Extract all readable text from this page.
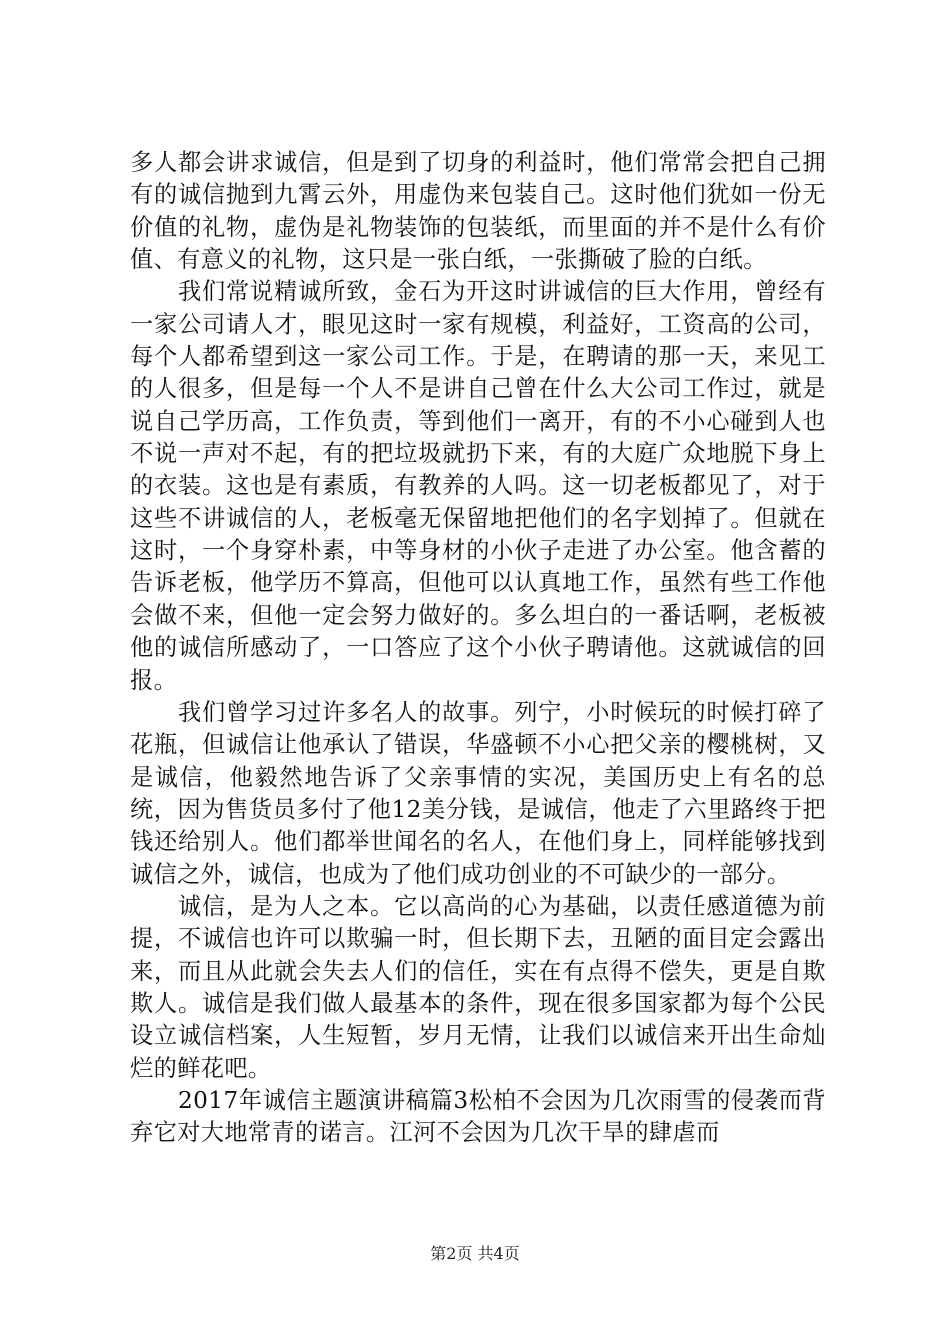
多人都会讲求诚信，但是到了切身的利益时，他们常常会把自己拥有的诚信抛到九霄云外，用虚伪来包装自己。这时他们犹如一份无价值的礼物，虚伪是礼物装饰的包装纸，而里面的并不是什么有价值、有意义的礼物，这只是一张白纸，一张撕破了脸的白纸。

我们常说精诚所致，金石为开这时讲诚信的巨大作用，曾经有一家公司请人才，眼见这时一家有规模，利益好，工资高的公司，每个人都希望到这一家公司工作。于是，在聘请的那一天，来见工的人很多，但是每一个人不是讲自己曾在什么大公司工作过，就是说自己学历高，工作负责，等到他们一离开，有的不小心碰到人也不说一声对不起，有的把垃圾就扔下来，有的大庭广众地脱下身上的衣装。这也是有素质，有教养的人吗。这一切老板都见了，对于这些不讲诚信的人，老板毫无保留地把他们的名字划掉了。但就在这时，一个身穿朴素，中等身材的小伙子走进了办公室。他含蓄的告诉老板，他学历不算高，但他可以认真地工作，虽然有些工作他会做不来，但他一定会努力做好的。多么坦白的一番话啊，老板被他的诚信所感动了，一口答应了这个小伙子聘请他。这就诚信的回报。

我们曾学习过许多名人的故事。列宁，小时候玩的时候打碎了花瓶，但诚信让他承认了错误，华盛顿不小心把父亲的樱桃树，又是诚信，他毅然地告诉了父亲事情的实况，美国历史上有名的总统，因为售货员多付了他12美分钱，是诚信，他走了六里路终于把钱还给别人。他们都举世闻名的名人，在他们身上，同样能够找到诚信之外，诚信，也成为了他们成功创业的不可缺少的一部分。

诚信，是为人之本。它以高尚的心为基础，以责任感道德为前提，不诚信也许可以欺骗一时，但长期下去，丑陋的面目定会露出来，而且从此就会失去人们的信任，实在有点得不偿失，更是自欺欺人。诚信是我们做人最基本的条件，现在很多国家都为每个公民设立诚信档案，人生短暂，岁月无情，让我们以诚信来开出生命灿烂的鲜花吧。

2017年诚信主题演讲稿篇3松柏不会因为几次雨雪的侵袭而背弃它对大地常青的诺言。江河不会因为几次干旱的肆虐而

第2页 共4页
